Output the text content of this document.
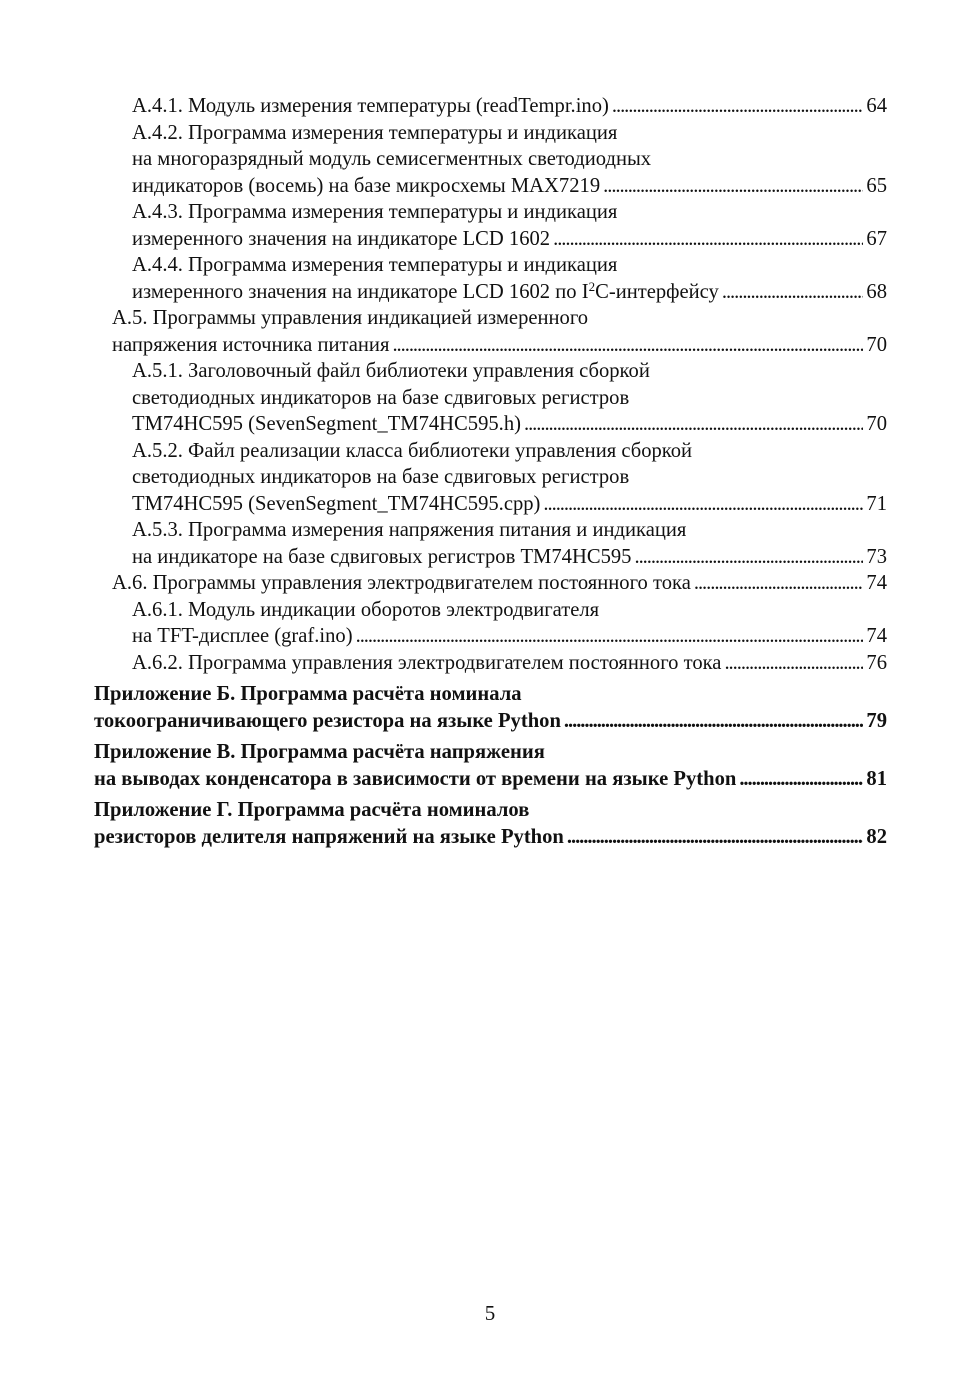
А.4.1. Модуль измерения температуры (readTempr.ino) . . .	64
А.4.2. Программа измерения температуры и индикация
на многоразрядный модуль семисегментных светодиодных
индикаторов (восемь) на базе микросхемы MAX7219 . . .	65
А.4.3. Программа измерения температуры и индикация
измеренного значения на индикаторе LCD 1602 . . .	67
А.4.4. Программа измерения температуры и индикация
измеренного значения на индикаторе LCD 1602 по $I^2C$-интерфейсу . . .	68
А.5. Программы управления индикацией измеренного
напряжения источника питания . . .	70
А.5.1. Заголовочный файл библиотеки управления сборкой
светодиодных индикаторов на базе сдвиговых регистров
TM74HC595 (SevenSegment_TM74HC595.h) . . .	70
А.5.2. Файл реализации класса библиотеки управления сборкой
светодиодных индикаторов на базе сдвиговых регистров
TM74HC595 (SevenSegment_TM74HC595.cpp) . . .	71
А.5.3. Программа измерения напряжения питания и индикация
на индикаторе на базе сдвиговых регистров TM74HC595 . . .	73
А.6. Программы управления электродвигателем постоянного тока . . .	74
А.6.1. Модуль индикации оборотов электродвигателя
на TFT-дисплее (graf.ino) . . .	74
А.6.2. Программа управления электродвигателем постоянного тока . . .	76
Приложение Б. Программа расчёта номинала
токоограничивающего резистора на языке Python . . .	79
Приложение В. Программа расчёта напряжения
на выводах конденсатора в зависимости от времени на языке Python . . .	81
Приложение Г. Программа расчёта номиналов
резисторов делителя напряжений на языке Python . . .	82
5
